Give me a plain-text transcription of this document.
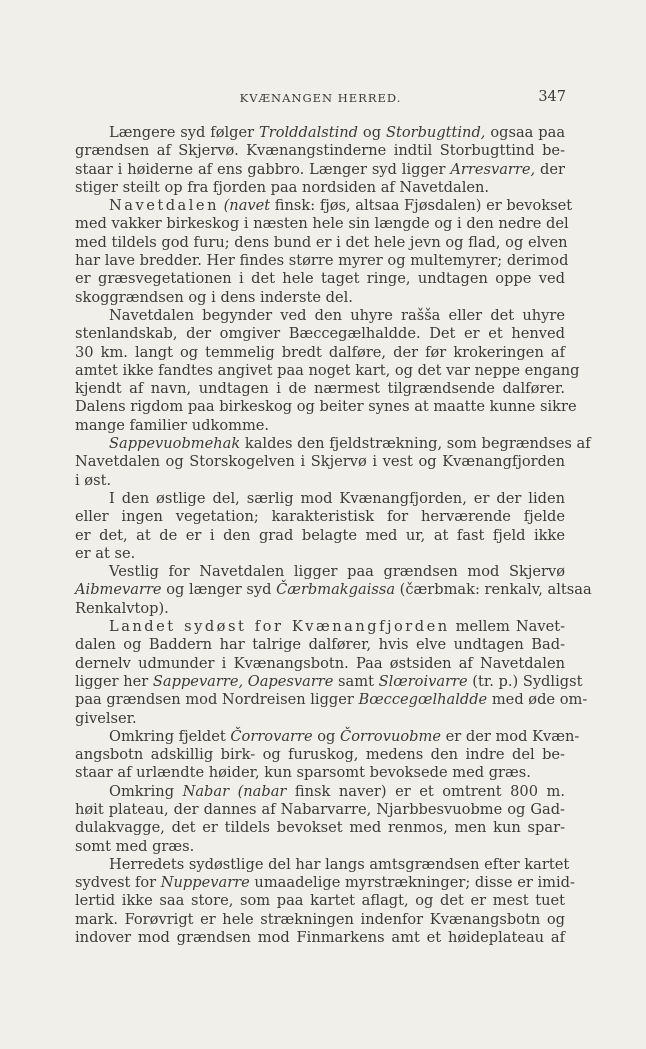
KVÆNANGEN HERRED.	347
Længere syd følger Trolddalstind og Storbugttind, ogsaa paa
grændsen af Skjervø. Kvænangstinderne indtil Storbugttind be-
staar i høiderne af ens gabbro. Længer syd ligger Arresvarre, der
stiger steilt op fra fjorden paa nordsiden af Navetdalen.
Navetdalen (navet finsk: fjøs, altsaa Fjøsdalen) er bevokset
med vakker birkeskog i næsten hele sin længde og i den nedre del
med tildels god furu; dens bund er i det hele jevn og flad, og elven
har lave bredder. Her findes større myrer og multemyrer; derimod
er græsvegetationen i det hele taget ringe, undtagen oppe ved
skoggrændsen og i dens inderste del.
Navetdalen begynder ved den uhyre rašša eller det uhyre
stenlandskab, der omgiver Bæccegælhaldde. Det er et henved
30 km. langt og temmelig bredt dalføre, der før krokeringen af
amtet ikke fandtes angivet paa noget kart, og det var neppe engang
kjendt af navn, undtagen i de nærmest tilgrændsende dalfører.
Dalens rigdom paa birkeskog og beiter synes at maatte kunne sikre
mange familier udkomme.
Sappevuobmehak kaldes den fjeldstrækning, som begrændses af
Navetdalen og Storskogelven i Skjervø i vest og Kvænangfjorden
i øst.
I den østlige del, særlig mod Kvænangfjorden, er der liden
eller ingen vegetation; karakteristisk for herværende fjelde
er det, at de er i den grad belagte med ur, at fast fjeld ikke
er at se.
Vestlig for Navetdalen ligger paa grændsen mod Skjervø
Aibmevarre og længer syd Čærbmakgaissa (čærbmak: renkalv, altsaa
Renkalvtop).
Landet sydøst for Kvænangfjorden mellem Navet-
dalen og Baddern har talrige dalfører, hvis elve undtagen Bad-
dernelv udmunder i Kvænangsbotn. Paa østsiden af Navetdalen
ligger her Sappevarre, Oapesvarre samt Slœroivarre (tr. p.) Sydligst
paa grændsen mod Nordreisen ligger Bœccegœlhaldde med øde om-
givelser.
Omkring fjeldet Čorrovarre og Čorrovuobme er der mod Kvæn-
angsbotn adskillig birk- og furuskog, medens den indre del be-
staar af urlændte høider, kun sparsomt bevoksede med græs.
Omkring Nabar (nabar finsk naver) er et omtrent 800 m.
høit plateau, der dannes af Nabarvarre, Njarbbesvuobme og Gad-
dulakvagge, det er tildels bevokset med renmos, men kun spar-
somt med græs.
Herredets sydøstlige del har langs amtsgrændsen efter kartet
sydvest for Nuppevarre umaadelige myrstrækninger; disse er imid-
lertid ikke saa store, som paa kartet aflagt, og det er mest tuet
mark. Forøvrigt er hele strækningen indenfor Kvænangsbotn og
indover mod grændsen mod Finmarkens amt et høideplateau af
